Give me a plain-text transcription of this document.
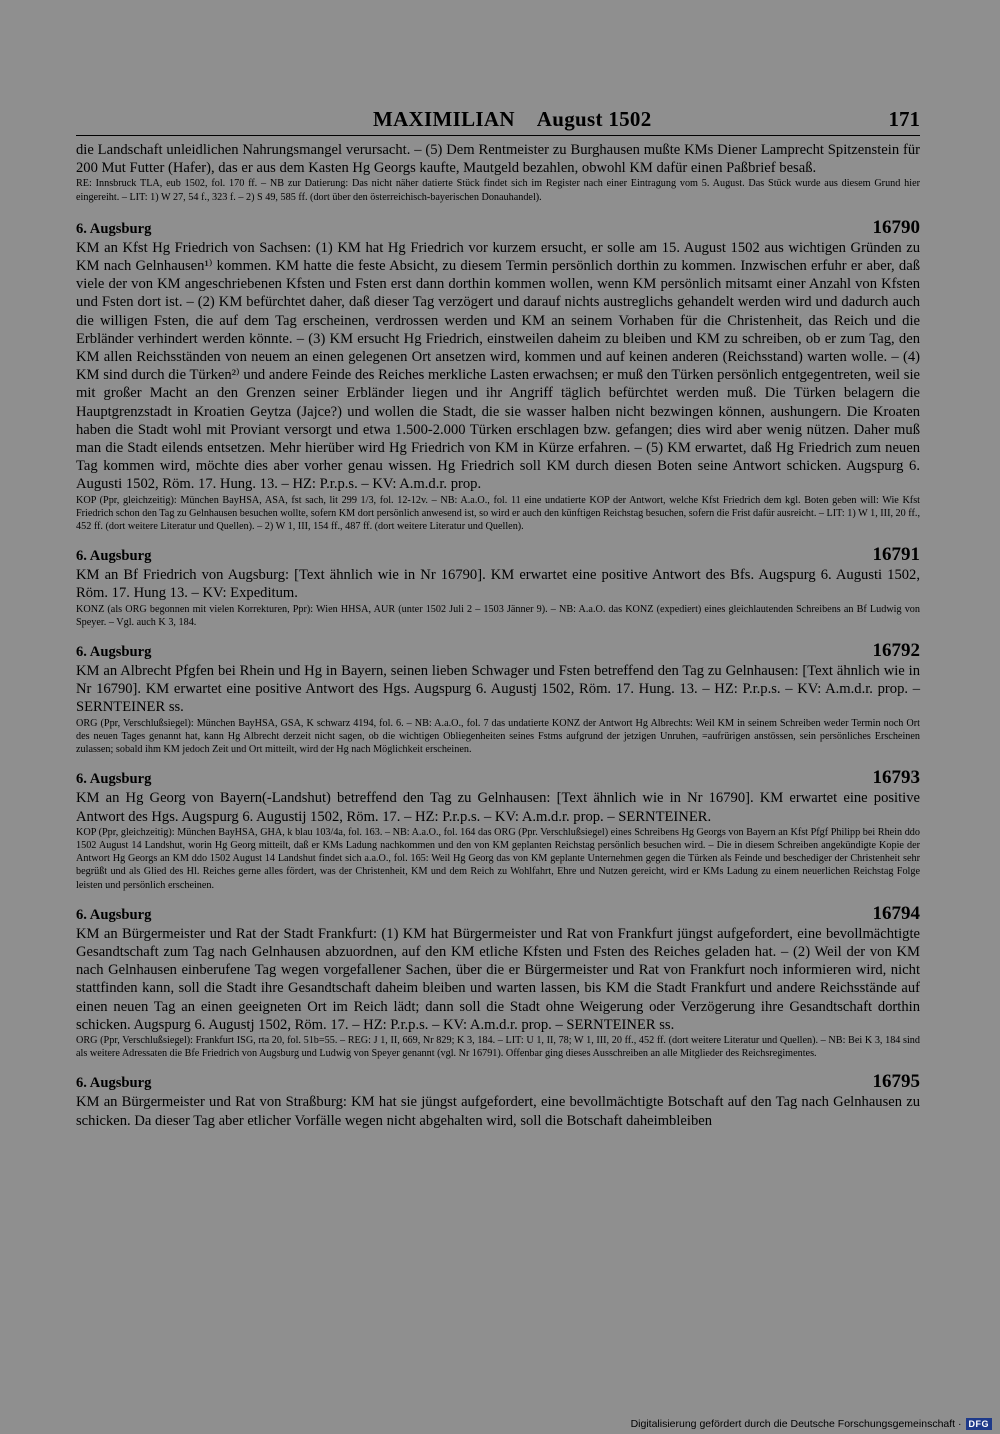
MAXIMILIAN August 1502	171

die Landschaft unleidlichen Nahrungsmangel verursacht. – (5) Dem Rentmeister zu Burghausen mußte KMs Diener Lamprecht Spitzenstein für 200 Mut Futter (Hafer), das er aus dem Kasten Hg Georgs kaufte, Mautgeld bezahlen, obwohl KM dafür einen Paßbrief besaß.

RE: Innsbruck TLA, eub 1502, fol. 170 ff. – NB zur Datierung: Das nicht näher datierte Stück findet sich im Register nach einer Eintragung vom 5. August. Das Stück wurde aus diesem Grund hier eingereiht. – LIT: 1) W 27, 54 f., 323 f. – 2) S 49, 585 ff. (dort über den österreichisch-bayerischen Donauhandel).

6. Augsburg	16790

KM an Kfst Hg Friedrich von Sachsen: (1) KM hat Hg Friedrich vor kurzem ersucht, er solle am 15. August 1502 aus wichtigen Gründen zu KM nach Gelnhausen¹⁾ kommen. KM hatte die feste Absicht, zu diesem Termin persönlich dorthin zu kommen. Inzwischen erfuhr er aber, daß viele der von KM angeschriebenen Kfsten und Fsten erst dann dorthin kommen wollen, wenn KM persönlich mitsamt einer Anzahl von Kfsten und Fsten dort ist. – (2) KM befürchtet daher, daß dieser Tag verzögert und darauf nichts austreglichs gehandelt werden wird und dadurch auch die willigen Fsten, die auf dem Tag erscheinen, verdrossen werden und KM an seinem Vorhaben für die Christenheit, das Reich und die Erbländer verhindert werden könnte. – (3) KM ersucht Hg Friedrich, einstweilen daheim zu bleiben und KM zu schreiben, ob er zum Tag, den KM allen Reichsständen von neuem an einen gelegenen Ort ansetzen wird, kommen und auf keinen anderen (Reichsstand) warten wolle. – (4) KM sind durch die Türken²⁾ und andere Feinde des Reiches merkliche Lasten erwachsen; er muß den Türken persönlich entgegentreten, weil sie mit großer Macht an den Grenzen seiner Erbländer liegen und ihr Angriff täglich befürchtet werden muß. Die Türken belagern die Hauptgrenzstadt in Kroatien Geytza (Jajce?) und wollen die Stadt, die sie wasser halben nicht bezwingen können, aushungern. Die Kroaten haben die Stadt wohl mit Proviant versorgt und etwa 1.500-2.000 Türken erschlagen bzw. gefangen; dies wird aber wenig nützen. Daher muß man die Stadt eilends entsetzen. Mehr hierüber wird Hg Friedrich von KM in Kürze erfahren. – (5) KM erwartet, daß Hg Friedrich zum neuen Tag kommen wird, möchte dies aber vorher genau wissen. Hg Friedrich soll KM durch diesen Boten seine Antwort schicken. Augspurg 6. Augusti 1502, Röm. 17. Hung. 13. – HZ: P.r.p.s. – KV: A.m.d.r. prop.

KOP (Ppr, gleichzeitig): München BayHSA, ASA, fst sach, lit 299 1/3, fol. 12-12v. – NB: A.a.O., fol. 11 eine undatierte KOP der Antwort, welche Kfst Friedrich dem kgl. Boten geben will: Wie Kfst Friedrich schon den Tag zu Gelnhausen besuchen wollte, sofern KM dort persönlich anwesend ist, so wird er auch den künftigen Reichstag besuchen, sofern die Frist dafür ausreicht. – LIT: 1) W 1, III, 20 ff., 452 ff. (dort weitere Literatur und Quellen). – 2) W 1, III, 154 ff., 487 ff. (dort weitere Literatur und Quellen).

6. Augsburg	16791

KM an Bf Friedrich von Augsburg: [Text ähnlich wie in Nr 16790]. KM erwartet eine positive Antwort des Bfs. Augspurg 6. Augusti 1502, Röm. 17. Hung 13. – KV: Expeditum.

KONZ (als ORG begonnen mit vielen Korrekturen, Ppr): Wien HHSA, AUR (unter 1502 Juli 2 – 1503 Jänner 9). – NB: A.a.O. das KONZ (expediert) eines gleichlautenden Schreibens an Bf Ludwig von Speyer. – Vgl. auch K 3, 184.

6. Augsburg	16792

KM an Albrecht Pfgfen bei Rhein und Hg in Bayern, seinen lieben Schwager und Fsten betreffend den Tag zu Gelnhausen: [Text ähnlich wie in Nr 16790]. KM erwartet eine positive Antwort des Hgs. Augspurg 6. Augustj 1502, Röm. 17. Hung. 13. – HZ: P.r.p.s. – KV: A.m.d.r. prop. – SERNTEINER ss.

ORG (Ppr, Verschlußsiegel): München BayHSA, GSA, K schwarz 4194, fol. 6. – NB: A.a.O., fol. 7 das undatierte KONZ der Antwort Hg Albrechts: Weil KM in seinem Schreiben weder Termin noch Ort des neuen Tages genannt hat, kann Hg Albrecht derzeit nicht sagen, ob die wichtigen Obliegenheiten seines Fstms aufgrund der jetzigen Unruhen, =aufrürigen anstössen, sein persönliches Erscheinen zulassen; sobald ihm KM jedoch Zeit und Ort mitteilt, wird der Hg nach Möglichkeit erscheinen.

6. Augsburg	16793

KM an Hg Georg von Bayern(-Landshut) betreffend den Tag zu Gelnhausen: [Text ähnlich wie in Nr 16790]. KM erwartet eine positive Antwort des Hgs. Augspurg 6. Augustij 1502, Röm. 17. – HZ: P.r.p.s. – KV: A.m.d.r. prop. – SERNTEINER.

KOP (Ppr, gleichzeitig): München BayHSA, GHA, k blau 103/4a, fol. 163. – NB: A.a.O., fol. 164 das ORG (Ppr. Verschlußsiegel) eines Schreibens Hg Georgs von Bayern an Kfst Pfgf Philipp bei Rhein ddo 1502 August 14 Landshut, worin Hg Georg mitteilt, daß er KMs Ladung nachkommen und den von KM geplanten Reichstag persönlich besuchen wird. – Die in diesem Schreiben angekündigte Kopie der Antwort Hg Georgs an KM ddo 1502 August 14 Landshut findet sich a.a.O., fol. 165: Weil Hg Georg das von KM geplante Unternehmen gegen die Türken als Feinde und beschediger der Christenheit sehr begrüßt und als Glied des Hl. Reiches gerne alles fördert, was der Christenheit, KM und dem Reich zu Wohlfahrt, Ehre und Nutzen gereicht, wird er KMs Ladung zu einem neuerlichen Reichstag Folge leisten und persönlich erscheinen.

6. Augsburg	16794

KM an Bürgermeister und Rat der Stadt Frankfurt: (1) KM hat Bürgermeister und Rat von Frankfurt jüngst aufgefordert, eine bevollmächtigte Gesandtschaft zum Tag nach Gelnhausen abzuordnen, auf den KM etliche Kfsten und Fsten des Reiches geladen hat. – (2) Weil der von KM nach Gelnhausen einberufene Tag wegen vorgefallener Sachen, über die er Bürgermeister und Rat von Frankfurt noch informieren wird, nicht stattfinden kann, soll die Stadt ihre Gesandtschaft daheim bleiben und warten lassen, bis KM die Stadt Frankfurt und andere Reichsstände auf einen neuen Tag an einen geeigneten Ort im Reich lädt; dann soll die Stadt ohne Weigerung oder Verzögerung ihre Gesandtschaft dorthin schicken. Augspurg 6. Augustj 1502, Röm. 17. – HZ: P.r.p.s. – KV: A.m.d.r. prop. – SERNTEINER ss.

ORG (Ppr, Verschlußsiegel): Frankfurt ISG, rta 20, fol. 51b=55. – REG: J 1, II, 669, Nr 829; K 3, 184. – LIT: U 1, II, 78; W 1, III, 20 ff., 452 ff. (dort weitere Literatur und Quellen). – NB: Bei K 3, 184 sind als weitere Adressaten die Bfe Friedrich von Augsburg und Ludwig von Speyer genannt (vgl. Nr 16791). Offenbar ging dieses Ausschreiben an alle Mitglieder des Reichsregimentes.

6. Augsburg	16795

KM an Bürgermeister und Rat von Straßburg: KM hat sie jüngst aufgefordert, eine bevollmächtigte Botschaft auf den Tag nach Gelnhausen zu schicken. Da dieser Tag aber etlicher Vorfälle wegen nicht abgehalten wird, soll die Botschaft daheimbleiben

Digitalisierung gefördert durch die Deutsche Forschungsgemeinschaft · DFG
